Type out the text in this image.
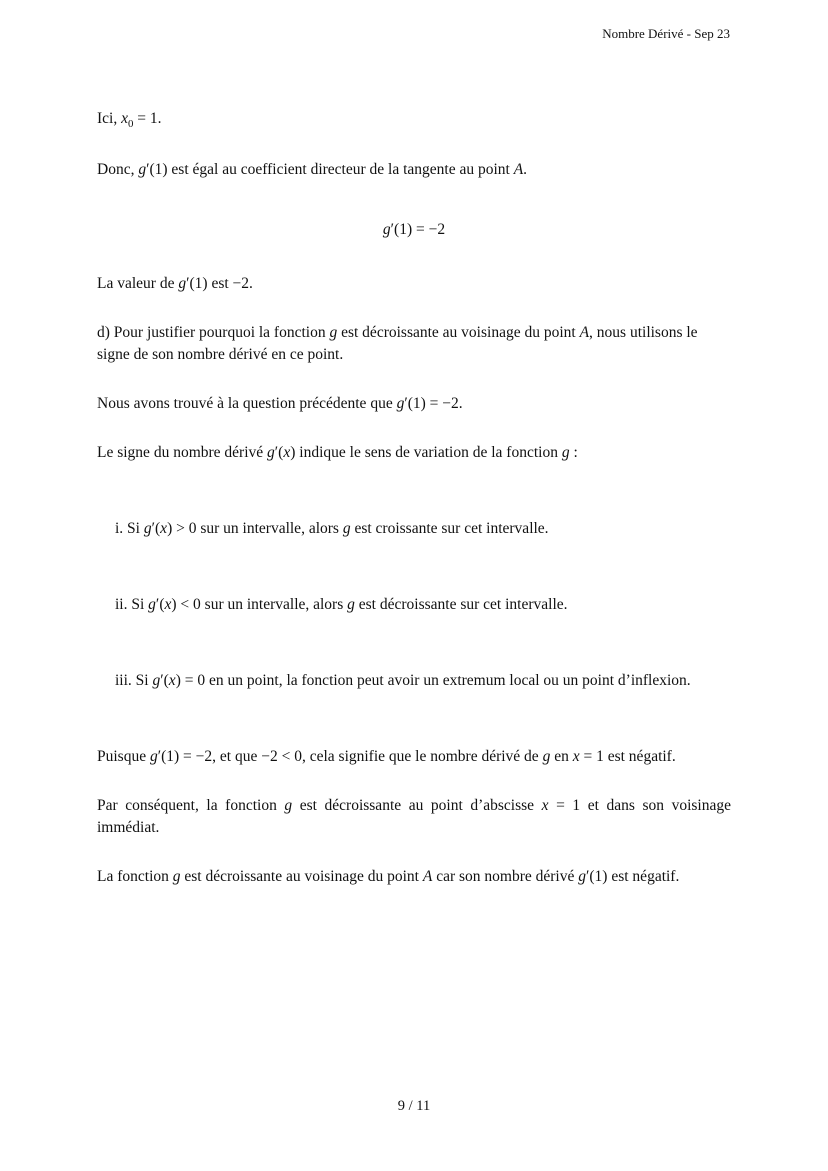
Nombre Dérivé - Sep 23

Ici, $x_0 = 1$.

Donc, g′(1) est égal au coefficient directeur de la tangente au point A.

g′(1) = −2

La valeur de g′(1) est −2.

d) Pour justifier pourquoi la fonction g est décroissante au voisinage du point A, nous utilisons le signe de son nombre dérivé en ce point.

Nous avons trouvé à la question précédente que g′(1) = −2.

Le signe du nombre dérivé g′(x) indique le sens de variation de la fonction g :

i. Si g′(x) > 0 sur un intervalle, alors g est croissante sur cet intervalle.

ii. Si g′(x) < 0 sur un intervalle, alors g est décroissante sur cet intervalle.

iii. Si g′(x) = 0 en un point, la fonction peut avoir un extremum local ou un point d’inflexion.

Puisque g′(1) = −2, et que −2 < 0, cela signifie que le nombre dérivé de g en x = 1 est négatif.

Par conséquent, la fonction g est décroissante au point d’abscisse x = 1 et dans son voisinage immédiat.

La fonction g est décroissante au voisinage du point A car son nombre dérivé g′(1) est négatif.

9 / 11
